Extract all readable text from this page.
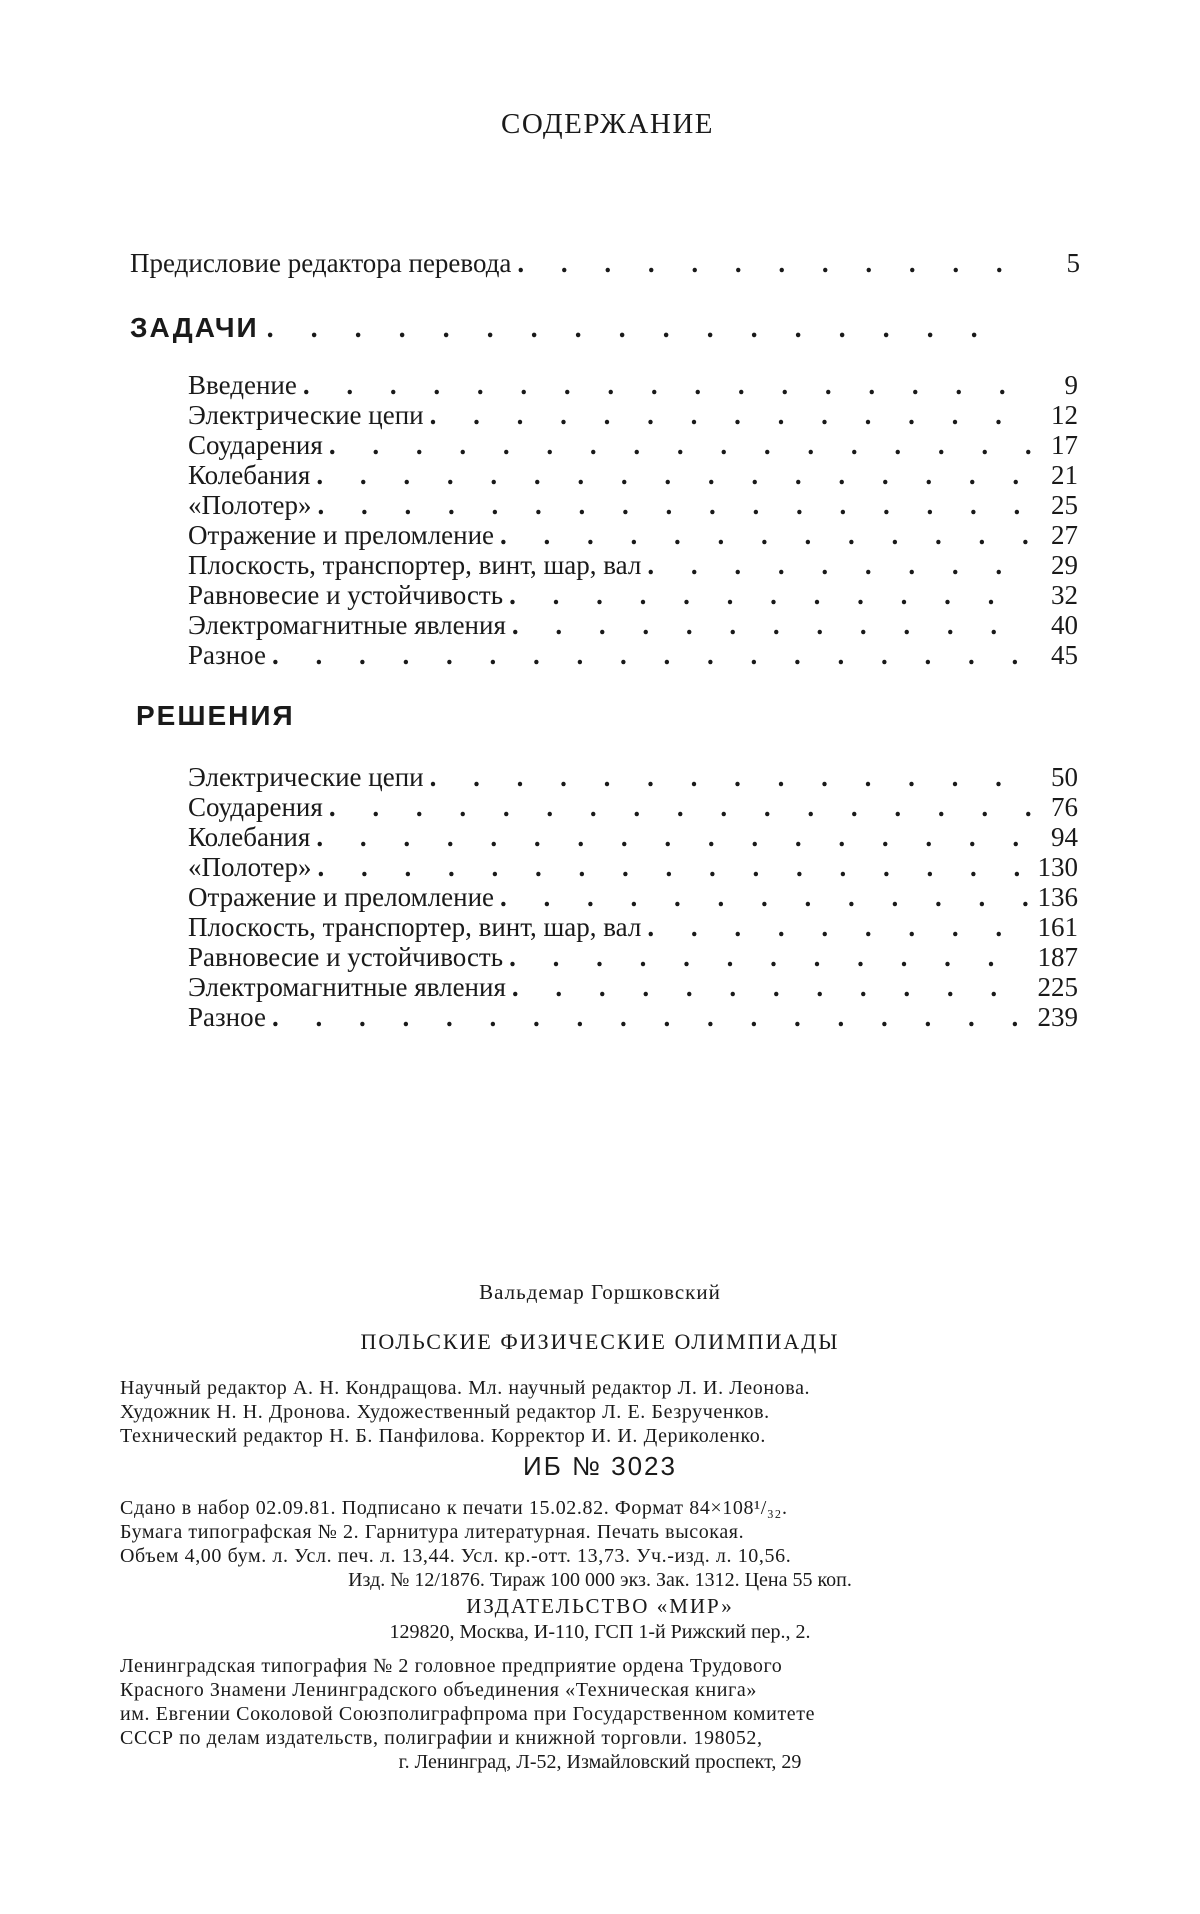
СОДЕРЖАНИЕ
Предисловие редактора перевода . . .	5
ЗАДАЧИ
. . .
Введение . . .	9
Электрические цепи . . .	12
Соударения . . .	17
Колебания . . .	21
«Полотер» . . .	25
Отражение и преломление . . .	27
Плоскость, транспортер, винт, шар, вал . . .	29
Равновесие и устойчивость . . .	32
Электромагнитные явления . . .	40
Разное . . .	45
РЕШЕНИЯ
Электрические цепи . . .	50
Соударения . . .	76
Колебания . . .	94
«Полотер» . . .	130
Отражение и преломление . . .	136
Плоскость, транспортер, винт, шар, вал . . .	161
Равновесие и устойчивость . . .	187
Электромагнитные явления . . .	225
Разное . . .	239
Вальдемар Горшковский
ПОЛЬСКИЕ ФИЗИЧЕСКИЕ ОЛИМПИАДЫ
Научный редактор А. Н. Кондращова. Мл. научный редактор Л. И. Леонова.
Художник Н. Н. Дронова. Художественный редактор Л. Е. Безрученков.
Технический редактор Н. Б. Панфилова. Корректор И. И. Дериколенко.
ИБ № 3023
Сдано в набор 02.09.81. Подписано к печати 15.02.82. Формат 84×108¹/₃₂.
Бумага типографская № 2. Гарнитура литературная. Печать высокая.
Объем 4,00 бум. л. Усл. печ. л. 13,44. Усл. кр.-отт. 13,73. Уч.-изд. л. 10,56.
Изд. № 12/1876. Тираж 100 000 экз. Зак. 1312. Цена 55 коп.
ИЗДАТЕЛЬСТВО «МИР»
129820, Москва, И-110, ГСП 1-й Рижский пер., 2.
Ленинградская типография № 2 головное предприятие ордена Трудового
Красного Знамени Ленинградского объединения «Техническая книга»
им. Евгении Соколовой Союзполиграфпрома при Государственном комитете
СССР по делам издательств, полиграфии и книжной торговли. 198052,
г. Ленинград, Л-52, Измайловский проспект, 29
